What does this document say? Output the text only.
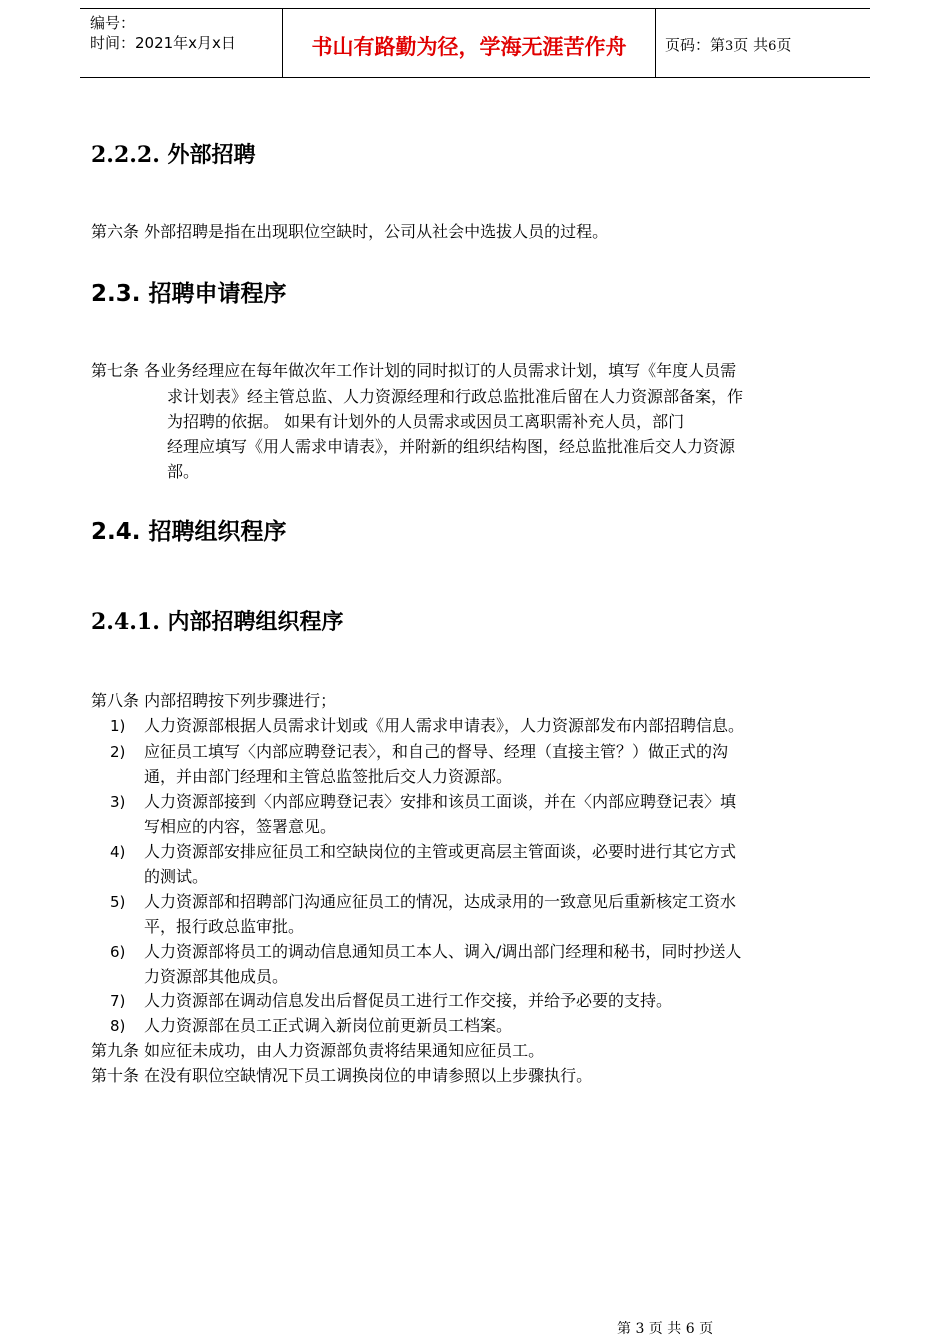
编号：
时间：2021年x月x日	书山有路勤为径，学海无涯苦作舟	页码：第3页 共6页
2.2.2. 外部招聘
第六条 外部招聘是指在出现职位空缺时，公司从社会中选拔人员的过程。
2.3. 招聘申请程序
第七条 各业务经理应在每年做次年工作计划的同时拟订的人员需求计划，填写《年度人员需
求计划表》经主管总监、人力资源经理和行政总监批准后留在人力资源部备案，作
为招聘的依据。 如果有计划外的人员需求或因员工离职需补充人员，部门
经理应填写《用人需求申请表》，并附新的组织结构图，经总监批准后交人力资源
部。
2.4. 招聘组织程序
2.4.1. 内部招聘组织程序
第八条 内部招聘按下列步骤进行；
1) 人力资源部根据人员需求计划或《用人需求申请表》，人力资源部发布内部招聘信息。
2) 应征员工填写〈内部应聘登记表〉，和自己的督导、经理（直接主管？）做正式的沟
通，并由部门经理和主管总监签批后交人力资源部。
3) 人力资源部接到〈内部应聘登记表〉安排和该员工面谈，并在〈内部应聘登记表〉填
写相应的内容，签署意见。
4) 人力资源部安排应征员工和空缺岗位的主管或更高层主管面谈，必要时进行其它方式
的测试。
5) 人力资源部和招聘部门沟通应征员工的情况，达成录用的一致意见后重新核定工资水
平，报行政总监审批。
6) 人力资源部将员工的调动信息通知员工本人、调入/调出部门经理和秘书，同时抄送人
力资源部其他成员。
7) 人力资源部在调动信息发出后督促员工进行工作交接，并给予必要的支持。
8) 人力资源部在员工正式调入新岗位前更新员工档案。
第九条 如应征未成功，由人力资源部负责将结果通知应征员工。
第十条 在没有职位空缺情况下员工调换岗位的申请参照以上步骤执行。
第 3 页 共 6 页
